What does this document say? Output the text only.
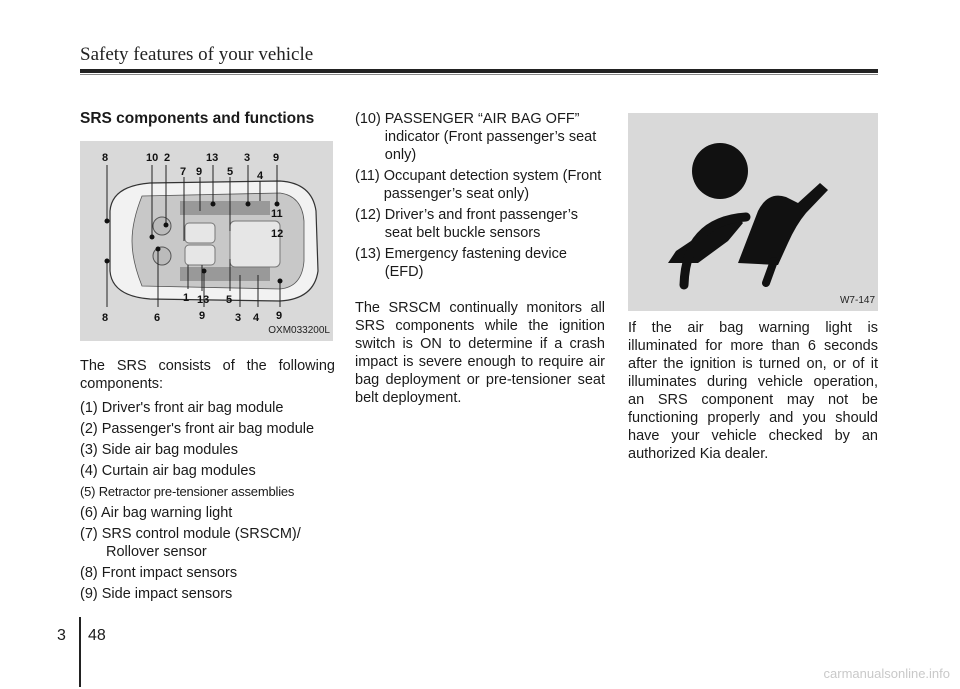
Safety features of your vehicle
SRS components and functions
8	10 2	13 3 9
7 9 5 4
11
12
1 13 5
8	6	9	3 4 9
OXM033200L
The SRS consists of the following components:
(1) Driver's front air bag module
(2) Passenger's front air bag module
(3) Side air bag modules
(4) Curtain air bag modules
(5) Retractor pre-tensioner assemblies
(6) Air bag warning light
(7) SRS control module (SRSCM)/ Rollover sensor
(8) Front impact sensors
(9) Side impact sensors
(10) PASSENGER “AIR BAG OFF” indicator (Front passenger’s seat only)
(11) Occupant detection system (Front passenger’s seat only)
(12) Driver’s and front passenger’s seat belt buckle sensors
(13) Emergency fastening device (EFD)
The SRSCM continually monitors all SRS components while the ignition switch is ON to determine if a crash impact is severe enough to require air bag deployment or pre-tensioner seat belt deployment.
W7-147
If the air bag warning light is illuminated for more than 6 seconds after the ignition is turned on, or of it illuminates during vehicle operation, an SRS component may not be functioning properly and you should have your vehicle checked by an authorized Kia dealer.
3 48
carmanualsonline.info
